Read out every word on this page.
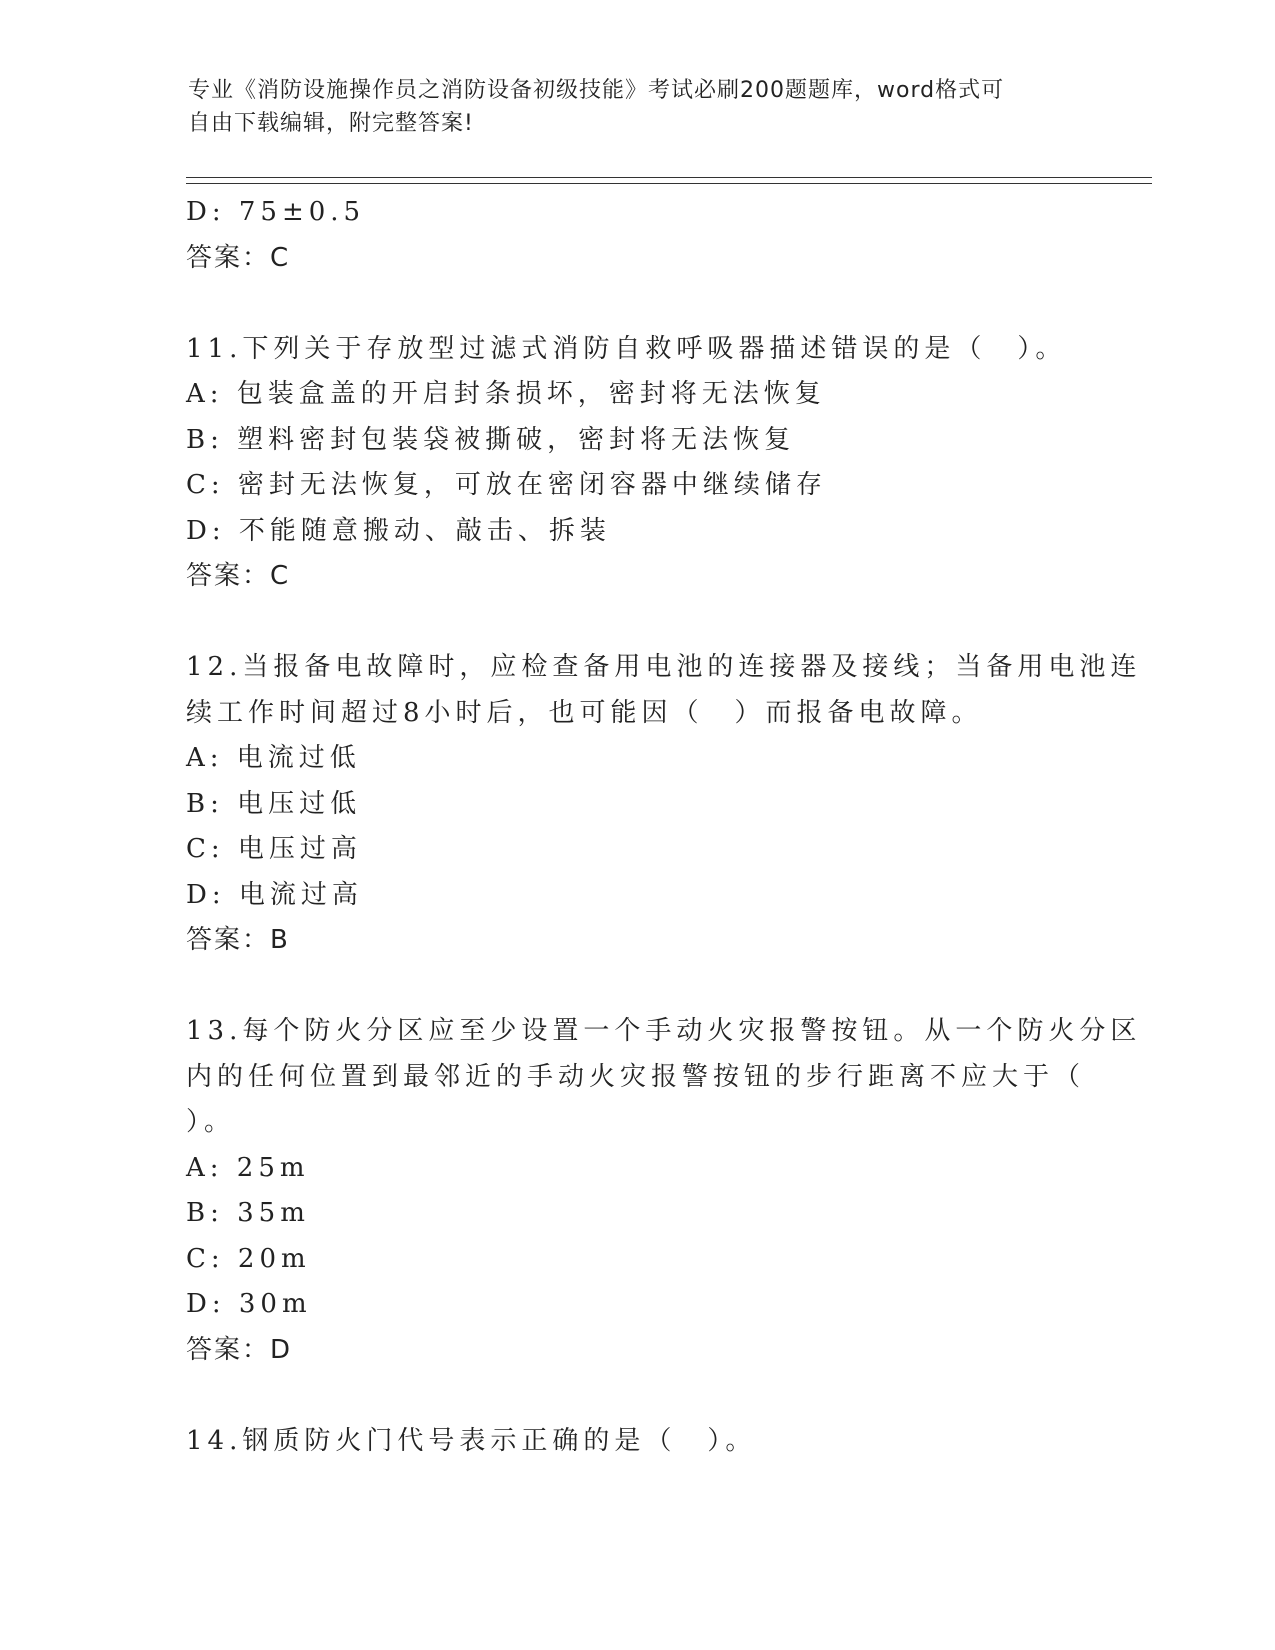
专业《消防设施操作员之消防设备初级技能》考试必刷200题题库，word格式可
自由下载编辑，附完整答案!
D: 75±0.5
答案：C
11.下列关于存放型过滤式消防自救呼吸器描述错误的是（　）。
A: 包装盒盖的开启封条损坏，密封将无法恢复
B: 塑料密封包装袋被撕破，密封将无法恢复
C: 密封无法恢复，可放在密闭容器中继续储存
D: 不能随意搬动、敲击、拆装
答案：C
12.当报备电故障时，应检查备用电池的连接器及接线；当备用电池连
续工作时间超过8小时后，也可能因（　）而报备电故障。
A: 电流过低
B: 电压过低
C: 电压过高
D: 电流过高
答案：B
13.每个防火分区应至少设置一个手动火灾报警按钮。从一个防火分区
内的任何位置到最邻近的手动火灾报警按钮的步行距离不应大于（
）。
A: 25m
B: 35m
C: 20m
D: 30m
答案：D
14.钢质防火门代号表示正确的是（　）。
